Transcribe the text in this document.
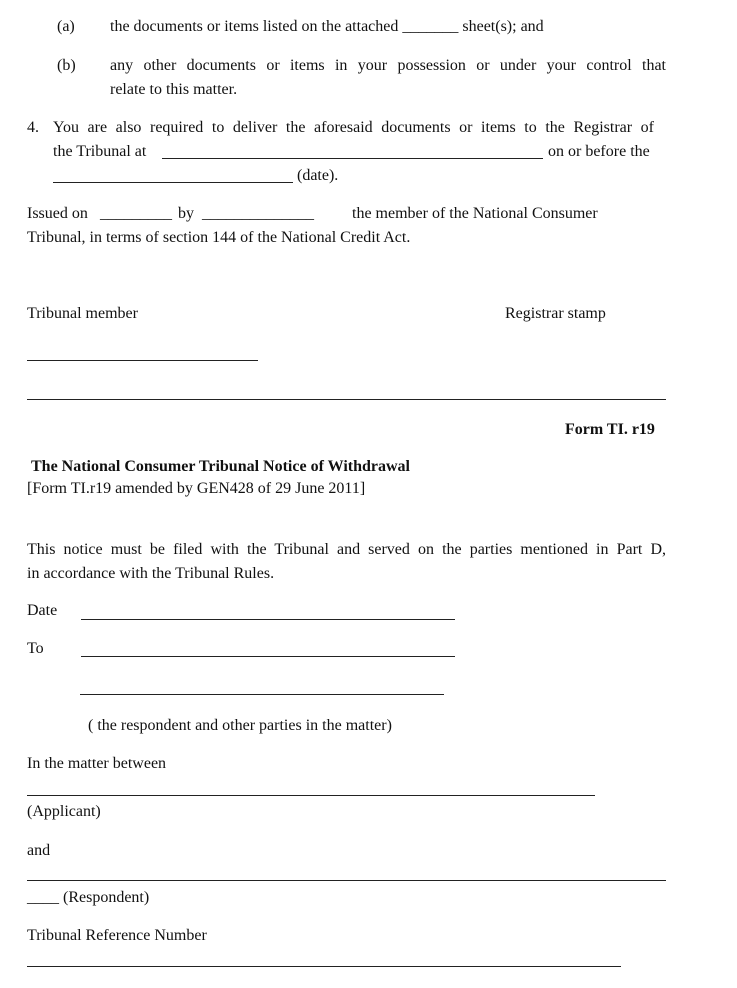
(a) the documents or items listed on the attached _______ sheet(s); and
(b) any other documents or items in your possession or under your control that
relate to this matter.
4. You are also required to deliver the aforesaid documents or items to the Registrar of
the Tribunal at	on or before the
(date).
Issued on _________ by ______________ the member of the National Consumer
Tribunal, in terms of section 144 of the National Credit Act.
Tribunal member	Registrar stamp
Form TI. r19
The National Consumer Tribunal Notice of Withdrawal
[Form TI.r19 amended by GEN428 of 29 June 2011]
This notice must be filed with the Tribunal and served on the parties mentioned in Part D,
in accordance with the Tribunal Rules.
Date
To
( the respondent and other parties in the matter)
In the matter between
(Applicant)
and
____ (Respondent)
Tribunal Reference Number
